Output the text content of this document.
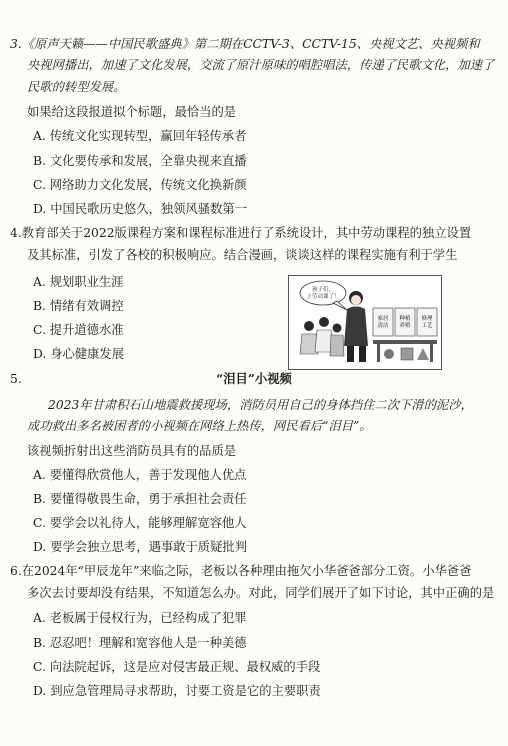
3.《原声天籁——中国民歌盛典》第二期在CCTV-3、CCTV-15、央视文艺、央视频和
央视网播出，加速了文化发展，交流了原汁原味的唱腔唱法，传递了民歌文化，加速了
民歌的转型发展。
如果给这段报道拟个标题，最恰当的是
A. 传统文化实现转型，赢回年轻传承者
B. 文化要传承和发展，全靠央视来直播
C. 网络助力文化发展，传统文化换新颜
D. 中国民歌历史悠久，独领风骚数第一
4.教育部关于2022版课程方案和课程标准进行了系统设计，其中劳动课程的独立设置
及其标准，引发了各校的积极响应。结合漫画，谈谈这样的课程实施有利于学生
A. 规划职业生涯
B. 情绪有效调控
C. 提升道德水准
D. 身心健康发展
孩子们，
上劳动课了！
家居
清洁
种植
养殖
修理
工艺
5.	“泪目”小视频
2023年甘肃积石山地震救援现场，消防员用自己的身体挡住二次下滑的泥沙，
成功救出多名被困者的小视频在网络上热传，网民看后“泪目”。
该视频折射出这些消防员具有的品质是
A. 要懂得欣赏他人，善于发现他人优点
B. 要懂得敬畏生命，勇于承担社会责任
C. 要学会以礼待人，能够理解宽容他人
D. 要学会独立思考，遇事敢于质疑批判
6.在2024年“甲辰龙年”来临之际，老板以各种理由拖欠小华爸爸部分工资。小华爸爸
多次去讨要却没有结果，不知道怎么办。对此，同学们展开了如下讨论，其中正确的是
A. 老板属于侵权行为，已经构成了犯罪
B. 忍忍吧！理解和宽容他人是一种美德
C. 向法院起诉，这是应对侵害最正规、最权威的手段
D. 到应急管理局寻求帮助，讨要工资是它的主要职责
